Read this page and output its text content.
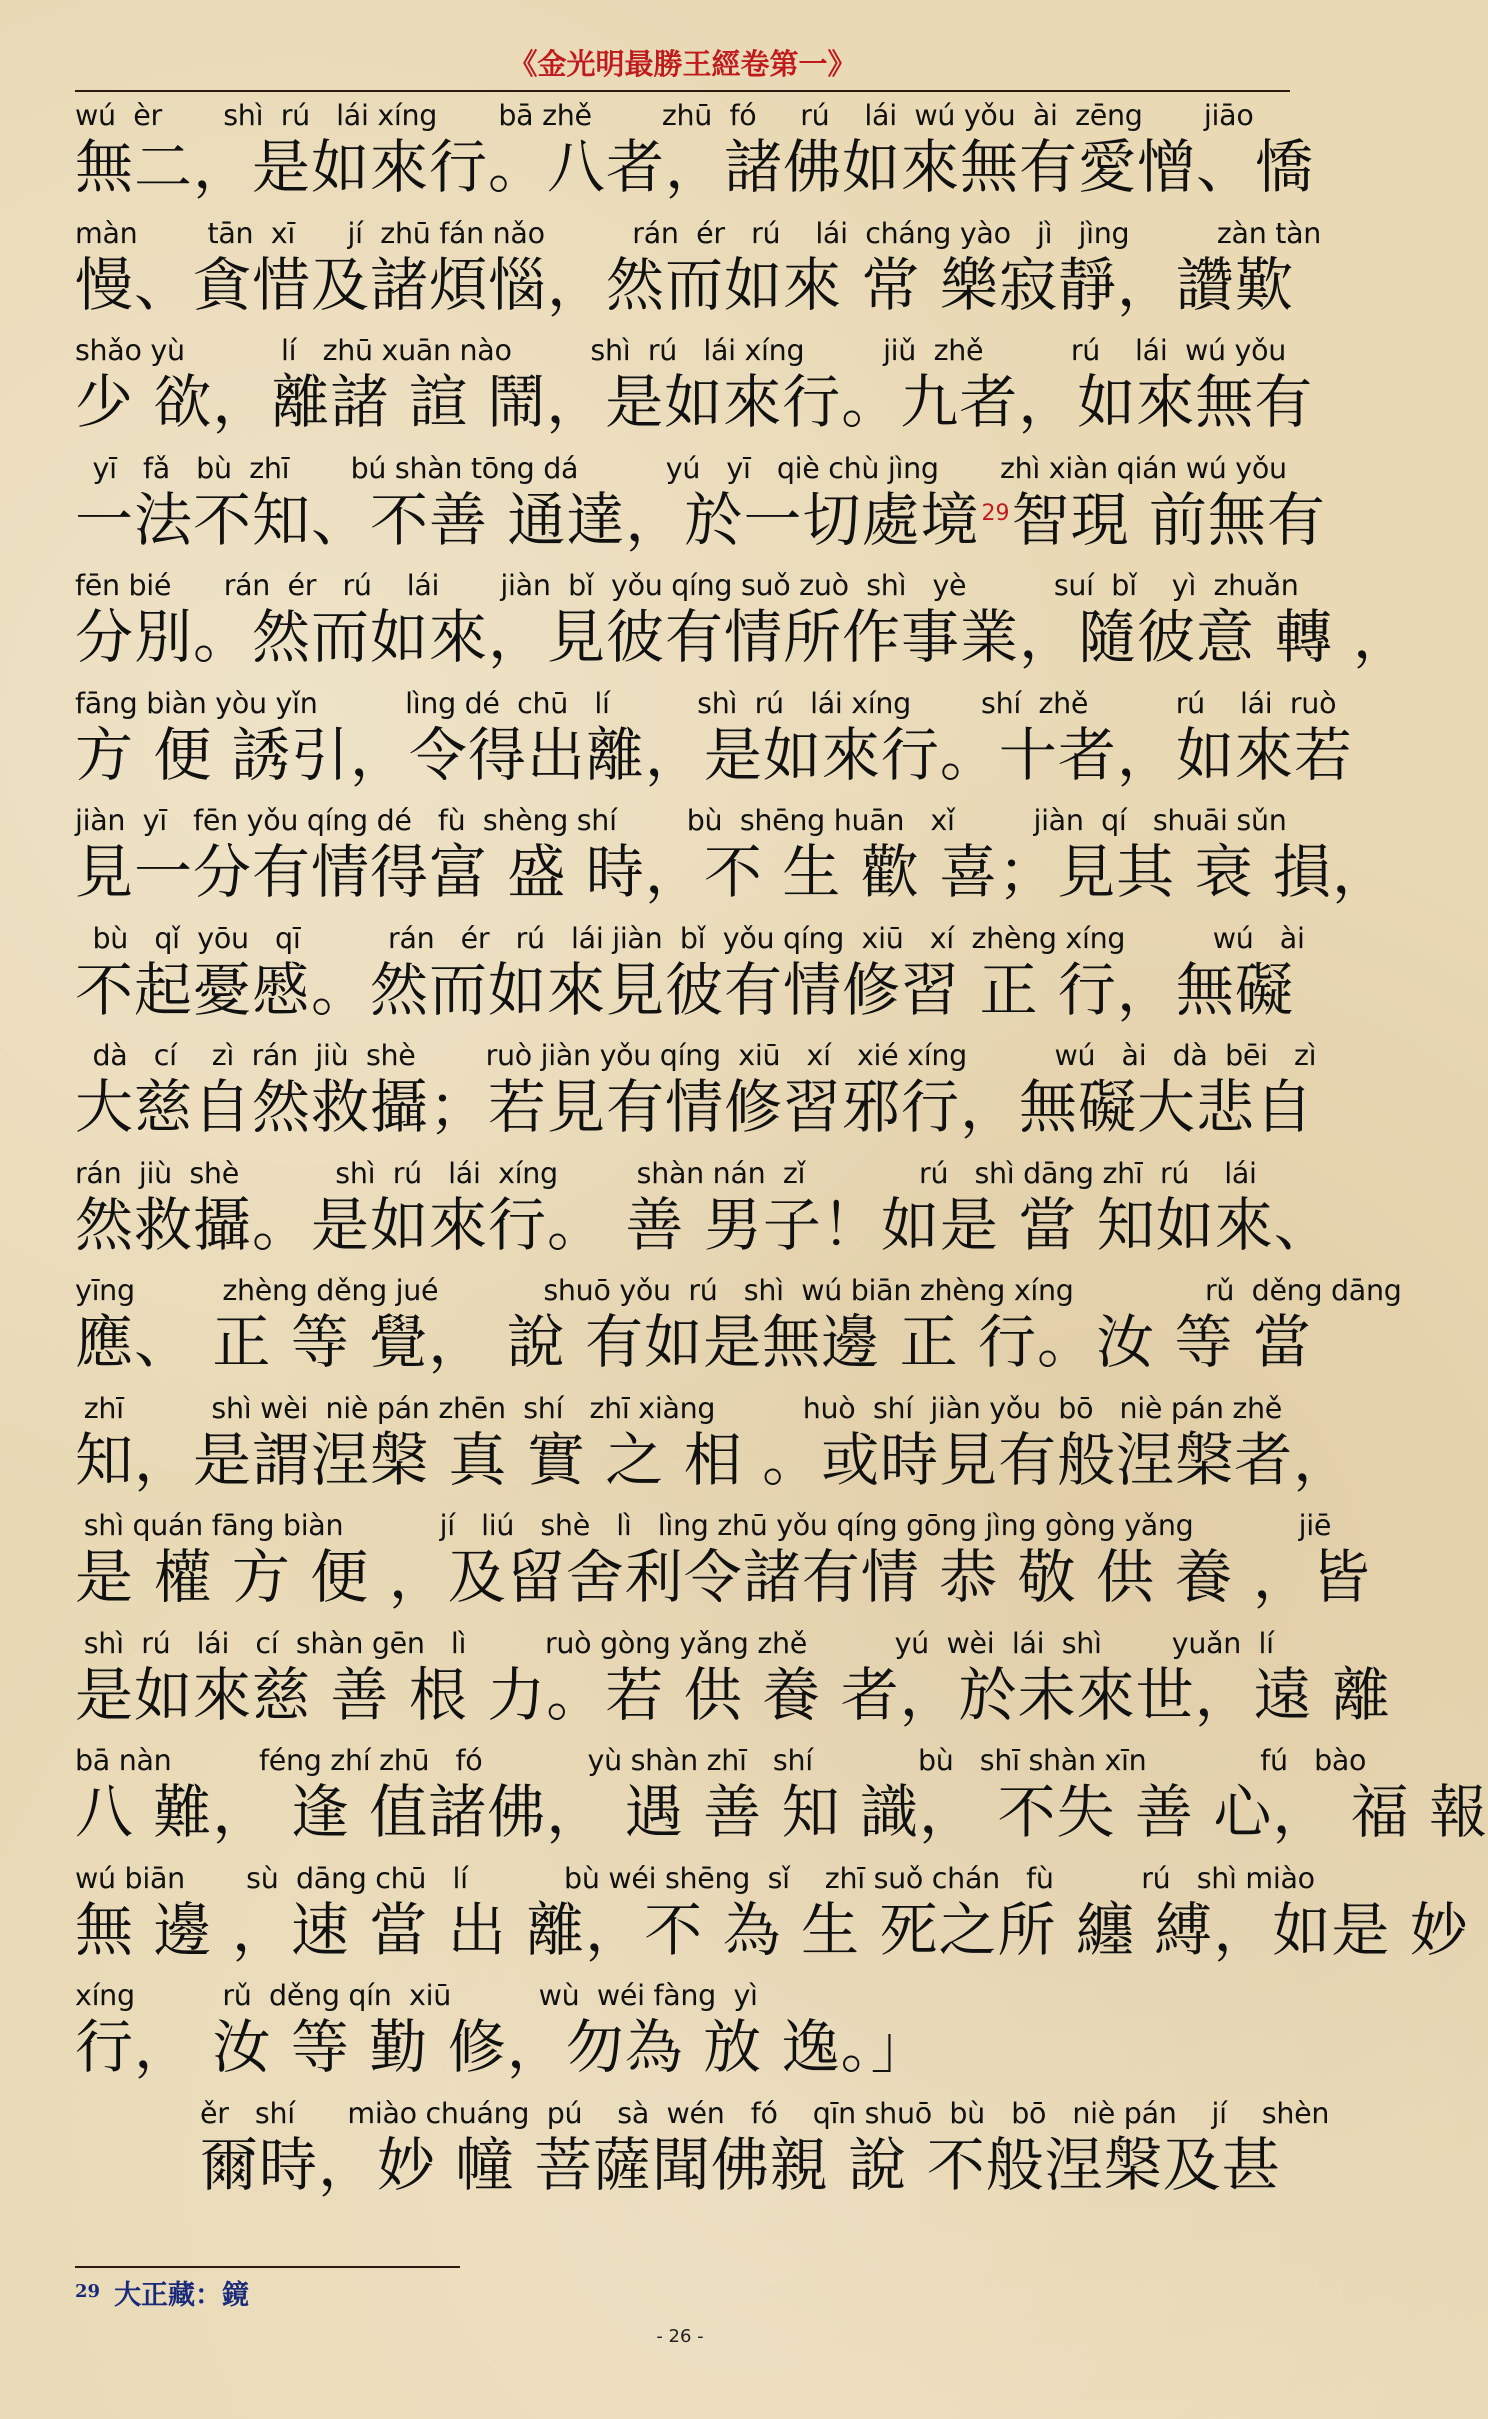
《金光明最勝王經卷第一》
wú  èr       shì  rú   lái xíng       bā zhě        zhū  fó     rú    lái  wú yǒu  ài  zēng       jiāo
無二，是如來行。八者，諸佛如來無有愛憎、憍
màn        tān  xī      jí  zhū fán nǎo          rán  ér   rú    lái  cháng yào   jì   jìng          zàn tàn
慢、貪惜及諸煩惱，然而如來 常 樂寂靜，讚歎
shǎo yù           lí   zhū xuān nào         shì  rú   lái xíng         jiǔ  zhě          rú    lái  wú yǒu
少 欲，離諸 諠 鬧，是如來行。九者，如來無有
yī   fǎ   bù  zhī       bú shàn tōng dá          yú   yī   qiè chù jìng       zhì xiàn qián wú yǒu
一法不知、不善 通達，於一切處境$^{29}$智現 前無有
fēn bié      rán  ér   rú    lái       jiàn  bǐ  yǒu qíng suǒ zuò  shì   yè          suí  bǐ    yì  zhuǎn
分別。然而如來，見彼有情所作事業，隨彼意 轉 ，
fāng biàn yòu yǐn          lìng dé  chū   lí          shì  rú   lái xíng        shí  zhě          rú    lái  ruò
方 便 誘引，令得出離，是如來行。十者，如來若
jiàn  yī   fēn yǒu qíng dé   fù  shèng shí        bù  shēng huān   xǐ         jiàn  qí   shuāi sǔn
見一分有情得富 盛 時，不 生 歡 喜；見其 衰 損，
bù   qǐ  yōu   qī          rán   ér   rú   lái jiàn  bǐ  yǒu qíng  xiū   xí  zhèng xíng          wú   ài
不起憂慼。然而如來見彼有情修習 正 行，無礙
dà   cí    zì  rán  jiù  shè        ruò jiàn yǒu qíng  xiū   xí   xié xíng          wú   ài   dà  bēi   zì
大慈自然救攝；若見有情修習邪行，無礙大悲自
rán  jiù  shè           shì  rú   lái  xíng         shàn nán  zǐ             rú   shì dāng zhī  rú    lái
然救攝。是如來行。 善 男子！如是 當 知如來、
yīng          zhèng děng jué            shuō yǒu  rú   shì  wú biān zhèng xíng               rǔ  děng dāng
應、 正 等 覺， 說 有如是無邊 正 行。汝 等 當
zhī          shì wèi  niè pán zhēn  shí   zhī xiàng          huò  shí  jiàn yǒu  bō   niè pán zhě
知，是謂涅槃 真 實 之 相 。或時見有般涅槃者，
shì quán fāng biàn           jí   liú   shè   lì   lìng zhū yǒu qíng gōng jìng gòng yǎng            jiē
是 權 方 便 ，及留舍利令諸有情 恭 敬 供 養 ，皆
shì  rú   lái   cí  shàn gēn   lì         ruò gòng yǎng zhě          yú  wèi  lái  shì        yuǎn  lí
是如來慈 善 根 力。若 供 養 者，於未來世，遠 離
bā nàn          féng zhí zhū   fó            yù shàn zhī   shí            bù   shī shàn xīn             fú   bào
八 難， 逢 值諸佛， 遇 善 知 識， 不失 善 心， 福 報
wú biān       sù  dāng chū   lí           bù wéi shēng  sǐ    zhī suǒ chán   fù          rú   shì miào
無 邊 ，速 當 出 離，不 為 生 死之所 纏 縛，如是 妙
xíng          rǔ  děng qín  xiū          wù  wéi fàng  yì
行， 汝 等 勤 修，勿為 放 逸。」
ěr   shí      miào chuáng  pú    sà  wén   fó    qīn shuō  bù   bō   niè pán    jí    shèn
爾時，妙 幢 菩薩聞佛親 說 不般涅槃及甚
$^{29}$ 大正藏：鏡
- 26 -
